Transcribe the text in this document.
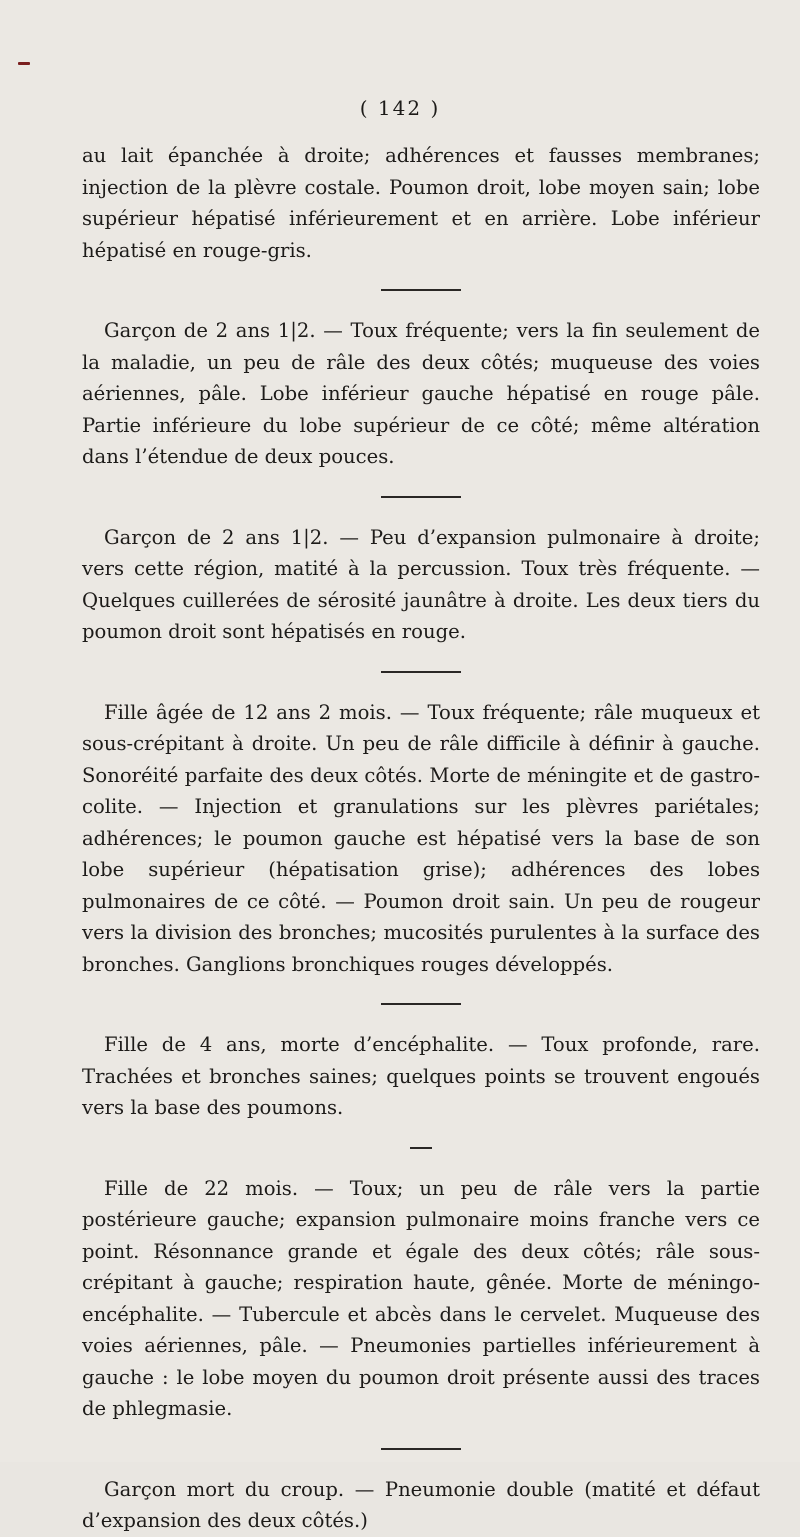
( 142 )

au lait épanchée à droite; adhérences et fausses membranes; injection de la plèvre costale. Poumon droit, lobe moyen sain; lobe supérieur hépatisé inférieurement et en arrière. Lobe inférieur hépatisé en rouge-gris.

Garçon de 2 ans 1|2. — Toux fréquente; vers la fin seulement de la maladie, un peu de râle des deux côtés; muqueuse des voies aériennes, pâle. Lobe inférieur gauche hépatisé en rouge pâle. Partie inférieure du lobe supérieur de ce côté; même altération dans l’étendue de deux pouces.

Garçon de 2 ans 1|2. — Peu d’expansion pulmonaire à droite; vers cette région, matité à la percussion. Toux très fréquente. — Quelques cuillerées de sérosité jaunâtre à droite. Les deux tiers du poumon droit sont hépatisés en rouge.

Fille âgée de 12 ans 2 mois. — Toux fréquente; râle muqueux et sous-crépitant à droite. Un peu de râle difficile à définir à gauche. Sonoréité parfaite des deux côtés. Morte de méningite et de gastro-colite. — Injection et granulations sur les plèvres pariétales; adhérences; le poumon gauche est hépatisé vers la base de son lobe supérieur (hépatisation grise); adhérences des lobes pulmonaires de ce côté. — Poumon droit sain. Un peu de rougeur vers la division des bronches; mucosités purulentes à la surface des bronches. Ganglions bronchiques rouges développés.

Fille de 4 ans, morte d’encéphalite. — Toux profonde, rare. Trachées et bronches saines; quelques points se trouvent engoués vers la base des poumons.

Fille de 22 mois. — Toux; un peu de râle vers la partie postérieure gauche; expansion pulmonaire moins franche vers ce point. Résonnance grande et égale des deux côtés; râle sous-crépitant à gauche; respiration haute, gênée. Morte de méningo-encéphalite. — Tubercule et abcès dans le cervelet. Muqueuse des voies aériennes, pâle. — Pneumonies partielles inférieurement à gauche : le lobe moyen du poumon droit présente aussi des traces de phlegmasie.

Garçon mort du croup. — Pneumonie double (matité et défaut d’expansion des deux côtés.)
